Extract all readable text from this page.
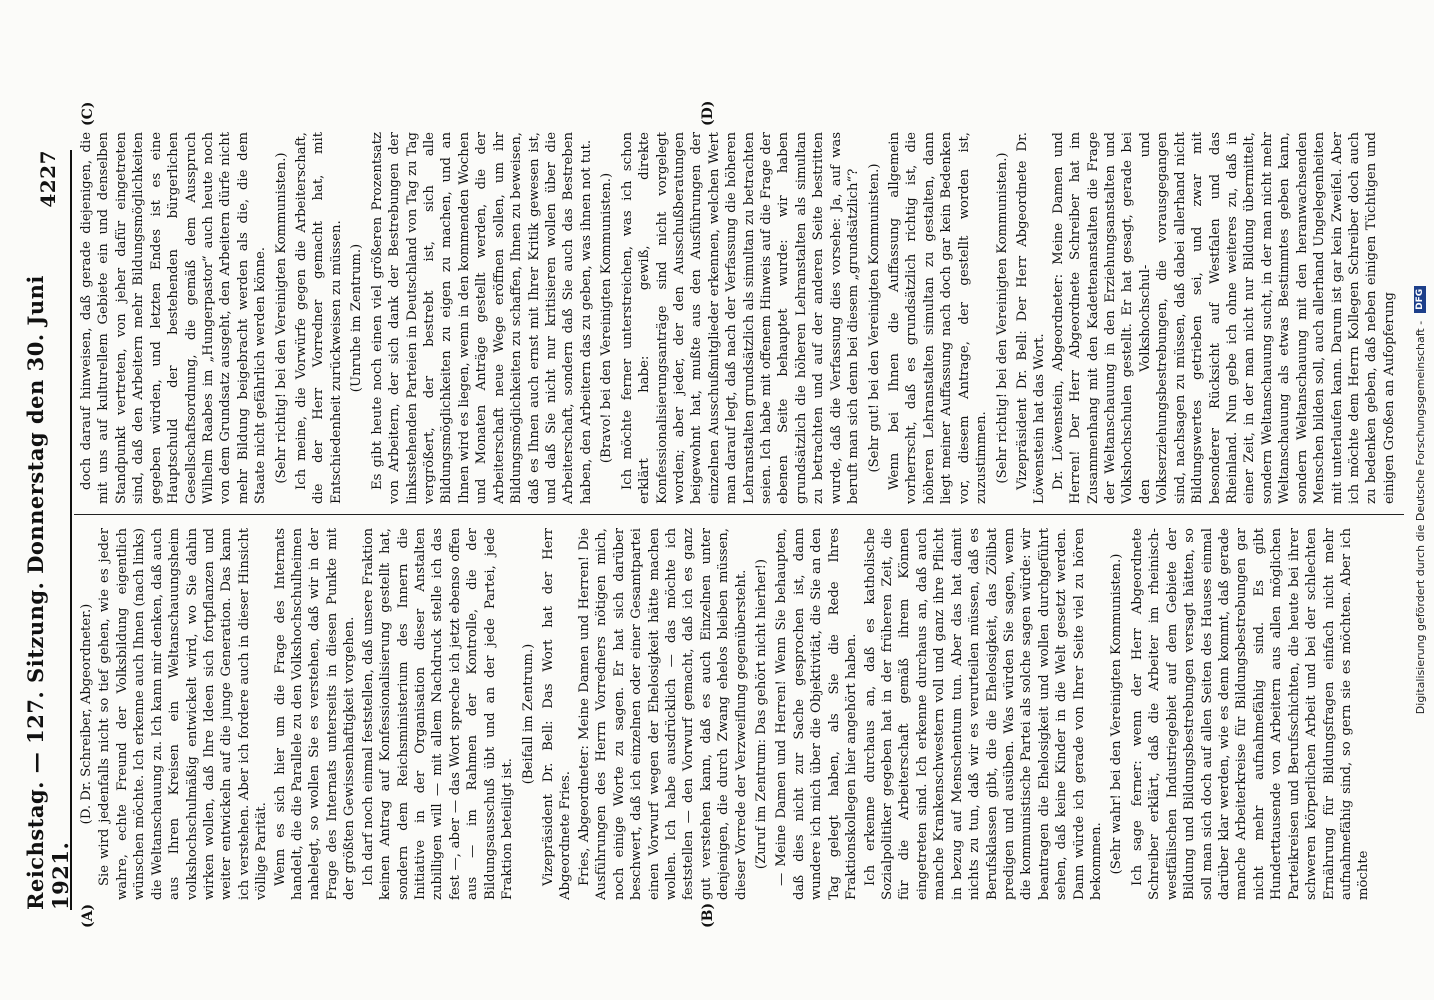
Reichstag. — 127. Sitzung. Donnerstag den 30. Juni 1921.
4227
(A)	(B)
(C)	(D)

(D. Dr. Schreiber, Abgeordneter.) Sie wird jedenfalls nicht so tief gehen, wie es jeder wahre, echte Freund der Volksbildung eigentlich wünschen möchte. Ich erkenne auch Ihnen (nach links) die Weltanschauung zu. Ich kann mir denken, daß auch aus Ihren Kreisen ein Weltanschauungsheim volkshochschulmäßig entwickelt wird, wo Sie dahin wirken wollen, daß Ihre Ideen sich fortpflanzen und weiter entwickeln auf die junge Generation. Das kann ich verstehen. Aber ich fordere auch in dieser Hinsicht völlige Parität. Wenn es sich hier um die Frage des Internats handelt, die die Parallele zu den Volkshochschulheimen nahelegt, so wollen Sie es verstehen, daß wir in der Frage des Internats unterseits in diesen Punkte mit der größten Gewissenhaftigkeit vorgehen. Ich darf noch einmal feststellen, daß unsere Fraktion keinen Antrag auf Konfessionalisierung gestellt hat, sondern dem Reichsministerium des Innern die Initiative in der Organisation dieser Anstalten zubilligen will — mit allem Nachdruck stelle ich das fest —, aber — das Wort spreche ich jetzt ebenso offen aus — im Rahmen der Kontrolle, die der Bildungsausschuß übt und an der jede Partei, jede Fraktion beteiligt ist.

(Beifall im Zentrum.) Vizepräsident Dr. Bell: Das Wort hat der Herr Abgeordnete Fries. Fries, Abgeordneter: Meine Damen und Herren! Die Ausführungen des Herrn Vorredners nötigen mich, noch einige Worte zu sagen. Er hat sich darüber beschwert, daß ich einzelnen oder einer Gesamtpartei einen Vorwurf wegen der Ehelosigkeit hätte machen wollen. Ich habe ausdrücklich — das möchte ich feststellen — den Vorwurf gemacht, daß ich es ganz gut verstehen kann, daß es auch Einzelnen unter denjenigen, die durch Zwang ehelos bleiben müssen, dieser Vorrede der Verzweiflung gegenübersteht. (Zuruf im Zentrum: Das gehört nicht hierher!) — Meine Damen und Herren! Wenn Sie behaupten, daß dies nicht zur Sache gesprochen ist, dann wundere ich mich über die Objektivität, die Sie an den Tag gelegt haben, als Sie die Rede Ihres Fraktionskollegen hier angehört haben. Ich erkenne durchaus an, daß es katholische Sozialpolitiker gegeben hat in der früheren Zeit, die für die Arbeiterschaft gemäß ihrem Können eingetreten sind. Ich erkenne durchaus an, daß auch manche Krankenschwestern voll und ganz ihre Pflicht in bezug auf Menschentum tun. Aber das hat damit nichts zu tun, daß wir es verurteilen müssen, daß es Berufsklassen gibt, die die Ehelosigkeit, das Zölibat predigen und ausüben. Was würden Sie sagen, wenn die kommunistische Partei als solche sagen würde: wir beantragen die Ehelosigkeit und wollen durchgeführt sehen, daß keine Kinder in die Welt gesetzt werden. Dann würde ich gerade von Ihrer Seite viel zu hören bekommen. (Sehr wahr! bei den Vereinigten Kommunisten.) Ich sage ferner: wenn der Herr Abgeordnete Schreiber erklärt, daß die Arbeiter im rheinisch-westfälischen Industriegebiet auf dem Gebiete der Bildung und Bildungsbestrebungen versagt hätten, so soll man sich doch auf allen Seiten des Hauses einmal darüber klar werden, wie es denn kommt, daß gerade manche Arbeiterkreise für Bildungsbestrebungen gar nicht mehr aufnahmefähig sind. Es gibt Hunderttausende von Arbeitern aus allen möglichen Parteikreisen und Berufsschichten, die heute bei ihrer schweren körperlichen Arbeit und bei der schlechten Ernährung für Bildungsfragen einfach nicht mehr aufnahmefähig sind, so gern sie es möchten. Aber ich möchte

doch darauf hinweisen, daß gerade diejenigen, die mit uns auf kulturellem Gebiete ein und denselben Standpunkt vertreten, von jeher dafür eingetreten sind, daß den Arbeitern mehr Bildungsmöglichkeiten gegeben würden, und letzten Endes ist es eine Hauptschuld der bestehenden bürgerlichen Gesellschaftsordnung, die gemäß dem Ausspruch Wilhelm Raabes im „Hungerpastor“ auch heute noch von dem Grundsatz ausgeht, den Arbeitern dürfe nicht mehr Bildung beigebracht werden als die, die dem Staate nicht gefährlich werden könne. (Sehr richtig! bei den Vereinigten Kommunisten.) Ich meine, die Vorwürfe gegen die Arbeiterschaft, die der Herr Vorredner gemacht hat, mit Entschiedenheit zurückweisen zu müssen. (Unruhe im Zentrum.) Es gibt heute noch einen viel größeren Prozentsatz von Arbeitern, der sich dank der Bestrebungen der linksstehenden Parteien in Deutschland von Tag zu Tag vergrößert, der bestrebt ist, sich alle Bildungsmöglichkeiten zu eigen zu machen, und an Ihnen wird es liegen, wenn in den kommenden Wochen und Monaten Anträge gestellt werden, die der Arbeiterschaft neue Wege eröffnen sollen, um ihr Bildungsmöglichkeiten zu schaffen, Ihnen zu beweisen, daß es Ihnen auch ernst mit Ihrer Kritik gewesen ist, und daß Sie nicht nur kritisieren wollen über die Arbeiterschaft, sondern daß Sie auch das Bestreben haben, den Arbeitern das zu geben, was ihnen not tut. (Bravo! bei den Vereinigten Kommunisten.) Ich möchte ferner unterstreichen, was ich schon erklärt habe: gewiß, direkte Konfessionalisierungsanträge sind nicht vorgelegt worden; aber jeder, der den Ausschußberatungen beigewohnt hat, mußte aus den Ausführungen der einzelnen Ausschußmitglieder erkennen, welchen Wert man darauf legt, daß nach der Verfassung die höheren Lehranstalten grundsätzlich als simultan zu betrachten seien. Ich habe mit offenem Hinweis auf die Frage der ebenen Seite behauptet wurde: wir haben grundsätzlich die höheren Lehranstalten als simultan zu betrachten und auf der anderen Seite bestritten wurde, daß die Verfassung dies vorsehe: Ja, auf was beruft man sich denn bei diesem „grundsätzlich“? (Sehr gut! bei den Vereinigten Kommunisten.) Wenn bei Ihnen die Auffassung allgemein vorherrscht, daß es grundsätzlich richtig ist, die höheren Lehranstalten simultan zu gestalten, dann liegt meiner Auffassung nach doch gar kein Bedenken vor, diesem Antrage, der gestellt worden ist, zuzustimmen. (Sehr richtig! bei den Vereinigten Kommunisten.) Vizepräsident Dr. Bell: Der Herr Abgeordnete Dr. Löwenstein hat das Wort. Dr. Löwenstein, Abgeordneter: Meine Damen und Herren! Der Herr Abgeordnete Schreiber hat im Zusammenhang mit den Kadettenanstalten die Frage der Weltanschauung in den Erziehungsanstalten und Volkshochschulen gestellt. Er hat gesagt, gerade bei den Volkshochschul- und Volkserziehungsbestrebungen, die vorausgegangen sind, nachsagen zu müssen, daß dabei allerhand nicht Bildungswertes getrieben sei, und zwar mit besonderer Rücksicht auf Westfalen und das Rheinland. Nun gebe ich ohne weiteres zu, daß in einer Zeit, in der man nicht nur Bildung übermittelt, sondern Weltanschauung sucht, in der man nicht mehr Weltanschauung als etwas Bestimmtes geben kann, sondern Weltanschauung mit den heranwachsenden Menschen bilden soll, auch allerhand Ungelegenheiten mit unterlaufen kann. Darum ist gar kein Zweifel. Aber ich möchte dem Herrn Kollegen Schreiber doch auch zu bedenken geben, daß neben einigen Tüchtigen und einigen Großen an Aufopferung Digitalisierung gefördert durch die Deutsche Forschungsgemeinschaft -
DFG
